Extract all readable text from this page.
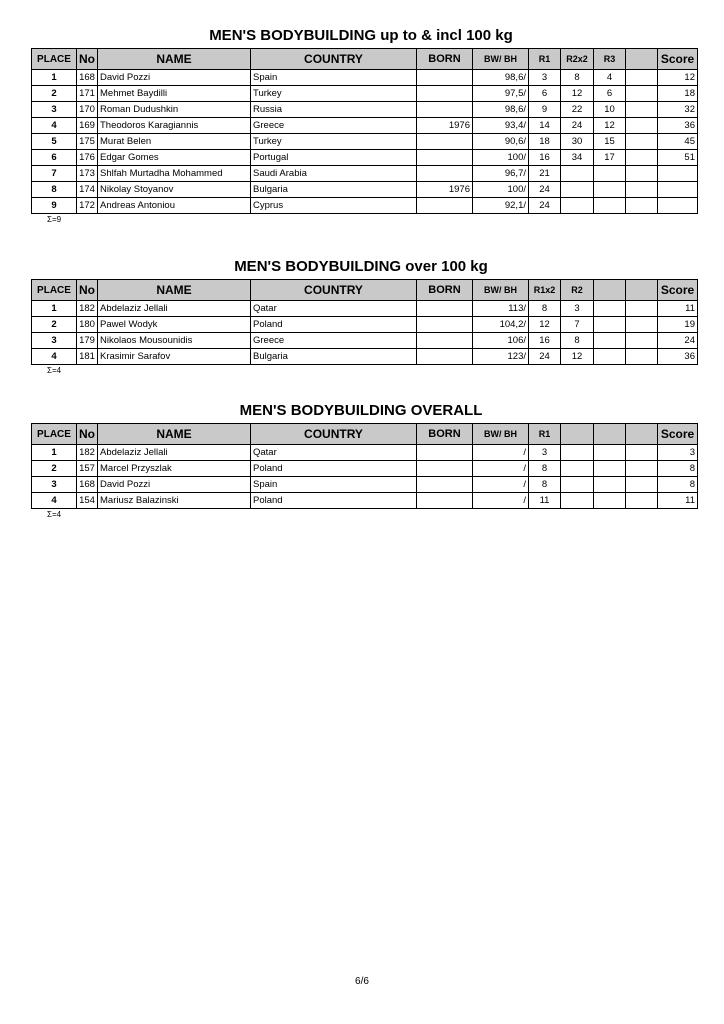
MEN'S BODYBUILDING up to & incl 100 kg
PLACE	No	NAME	COUNTRY	BORN	BW/ BH	R1	R2x2	R3		Score
1	168	David Pozzi	Spain		98,6/	3	8	4		12
2	171	Mehmet Baydilli	Turkey		97,5/	6	12	6		18
3	170	Roman Dudushkin	Russia		98,6/	9	22	10		32
4	169	Theodoros Karagiannis	Greece	1976	93,4/	14	24	12		36
5	175	Murat Belen	Turkey		90,6/	18	30	15		45
6	176	Edgar Gomes	Portugal		100/	16	34	17		51
7	173	Shlfah Murtadha Mohammed	Saudi Arabia		96,7/	21				
8	174	Nikolay Stoyanov	Bulgaria	1976	100/	24				
9	172	Andreas Antoniou	Cyprus		92,1/	24				
Σ=9
MEN'S BODYBUILDING over 100 kg
PLACE	No	NAME	COUNTRY	BORN	BW/ BH	R1x2	R2			Score
1	182	Abdelaziz Jellali	Qatar		113/	8	3			11
2	180	Pawel Wodyk	Poland		104,2/	12	7			19
3	179	Nikolaos Mousounidis	Greece		106/	16	8			24
4	181	Krasimir Sarafov	Bulgaria		123/	24	12			36
Σ=4
MEN'S BODYBUILDING OVERALL
PLACE	No	NAME	COUNTRY	BORN	BW/ BH	R1				Score
1	182	Abdelaziz Jellali	Qatar		/	3				3
2	157	Marcel Przyszlak	Poland		/	8				8
3	168	David Pozzi	Spain		/	8				8
4	154	Mariusz Balazinski	Poland		/	11				11
Σ=4
6/6
